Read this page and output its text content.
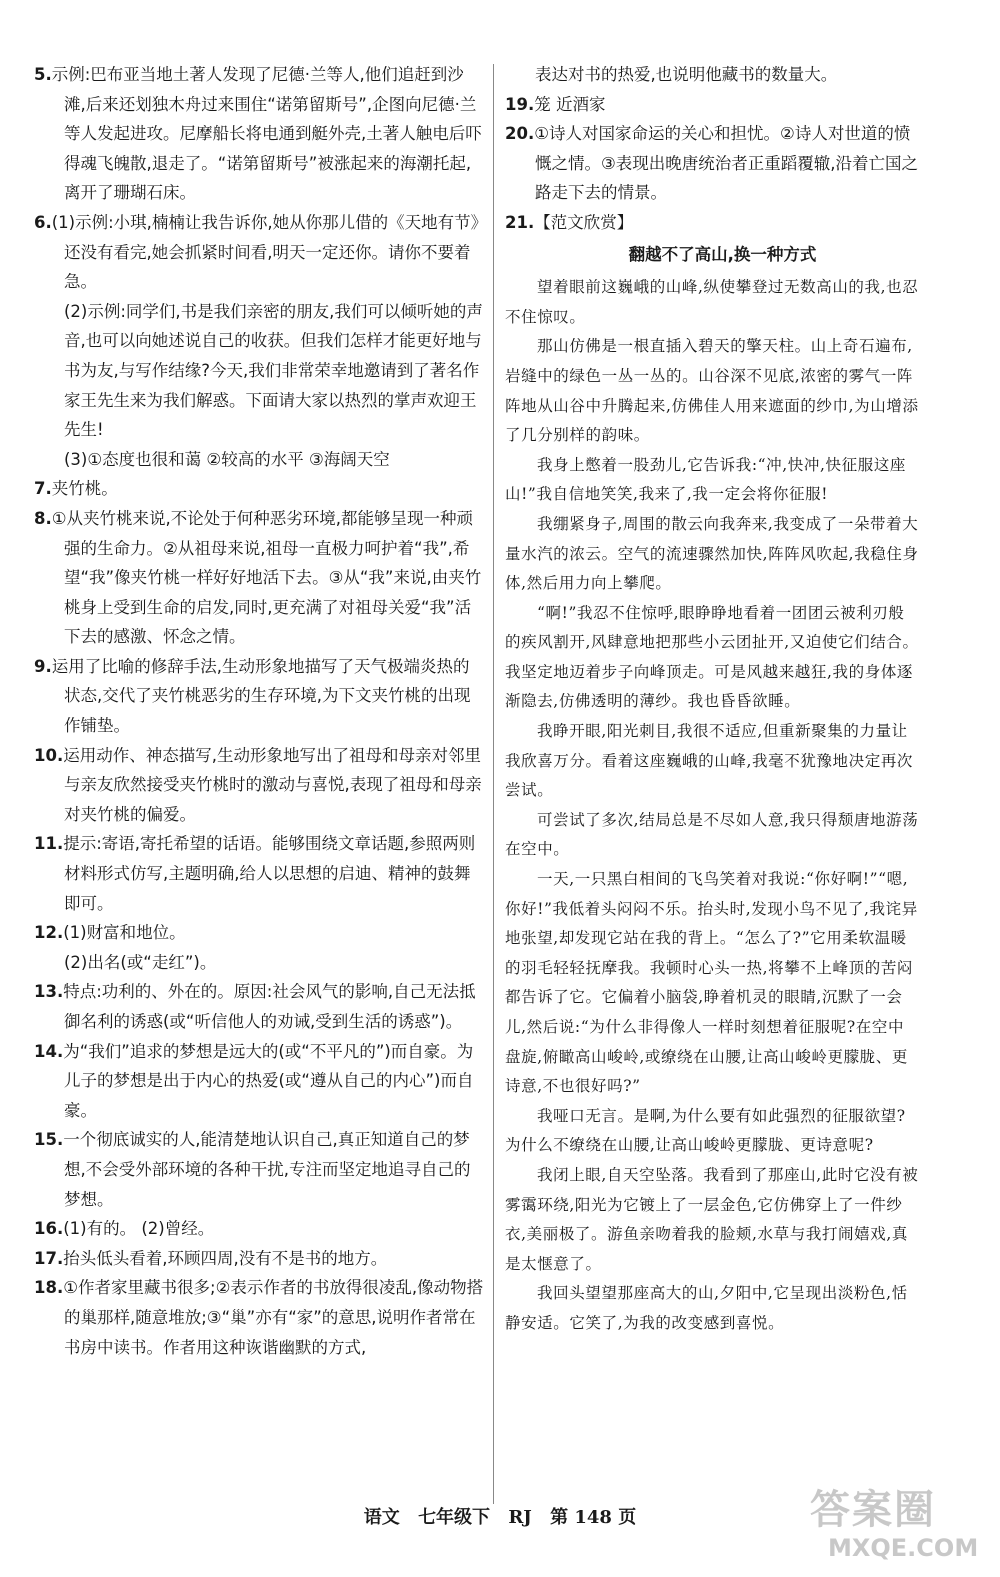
5.示例:巴布亚当地土著人发现了尼德·兰等人,他们追赶到沙滩,后来还划独木舟过来围住“诺第留斯号”,企图向尼德·兰等人发起进攻。尼摩船长将电通到艇外壳,土著人触电后吓得魂飞魄散,退走了。“诺第留斯号”被涨起来的海潮托起,离开了珊瑚石床。

6.(1)示例:小琪,楠楠让我告诉你,她从你那儿借的《天地有节》还没有看完,她会抓紧时间看,明天一定还你。请你不要着急。

(2)示例:同学们,书是我们亲密的朋友,我们可以倾听她的声音,也可以向她述说自己的收获。但我们怎样才能更好地与书为友,与写作结缘?今天,我们非常荣幸地邀请到了著名作家王先生来为我们解惑。下面请大家以热烈的掌声欢迎王先生!

(3)①态度也很和蔼 ②较高的水平 ③海阔天空

7.夹竹桃。

8.①从夹竹桃来说,不论处于何种恶劣环境,都能够呈现一种顽强的生命力。②从祖母来说,祖母一直极力呵护着“我”,希望“我”像夹竹桃一样好好地活下去。③从“我”来说,由夹竹桃身上受到生命的启发,同时,更充满了对祖母关爱“我”活下去的感激、怀念之情。

9.运用了比喻的修辞手法,生动形象地描写了天气极端炎热的状态,交代了夹竹桃恶劣的生存环境,为下文夹竹桃的出现作铺垫。

10.运用动作、神态描写,生动形象地写出了祖母和母亲对邻里与亲友欣然接受夹竹桃时的激动与喜悦,表现了祖母和母亲对夹竹桃的偏爱。

11.提示:寄语,寄托希望的话语。能够围绕文章话题,参照两则材料形式仿写,主题明确,给人以思想的启迪、精神的鼓舞即可。

12.(1)财富和地位。

(2)出名(或“走红”)。

13.特点:功利的、外在的。原因:社会风气的影响,自己无法抵御名利的诱惑(或“听信他人的劝诫,受到生活的诱惑”)。

14.为“我们”追求的梦想是远大的(或“不平凡的”)而自豪。为儿子的梦想是出于内心的热爱(或“遵从自己的内心”)而自豪。

15.一个彻底诚实的人,能清楚地认识自己,真正知道自己的梦想,不会受外部环境的各种干扰,专注而坚定地追寻自己的梦想。

16.(1)有的。 (2)曾经。

17.抬头低头看着,环顾四周,没有不是书的地方。

18.①作者家里藏书很多;②表示作者的书放得很凌乱,像动物搭的巢那样,随意堆放;③“巢”亦有“家”的意思,说明作者常在书房中读书。作者用这种诙谐幽默的方式,

表达对书的热爱,也说明他藏书的数量大。

19.笼 近酒家

20.①诗人对国家命运的关心和担忧。②诗人对世道的愤慨之情。③表现出晚唐统治者正重蹈覆辙,沿着亡国之路走下去的情景。

21.【范文欣赏】

翻越不了高山,换一种方式

望着眼前这巍峨的山峰,纵使攀登过无数高山的我,也忍不住惊叹。

那山仿佛是一根直插入碧天的擎天柱。山上奇石遍布,岩缝中的绿色一丛一丛的。山谷深不见底,浓密的雾气一阵阵地从山谷中升腾起来,仿佛佳人用来遮面的纱巾,为山增添了几分别样的韵味。

我身上憋着一股劲儿,它告诉我:“冲,快冲,快征服这座山!”我自信地笑笑,我来了,我一定会将你征服!

我绷紧身子,周围的散云向我奔来,我变成了一朵带着大量水汽的浓云。空气的流速骤然加快,阵阵风吹起,我稳住身体,然后用力向上攀爬。

“啊!”我忍不住惊呼,眼睁睁地看着一团团云被利刃般的疾风割开,风肆意地把那些小云团扯开,又迫使它们结合。我坚定地迈着步子向峰顶走。可是风越来越狂,我的身体逐渐隐去,仿佛透明的薄纱。我也昏昏欲睡。

我睁开眼,阳光刺目,我很不适应,但重新聚集的力量让我欣喜万分。看着这座巍峨的山峰,我毫不犹豫地决定再次尝试。

可尝试了多次,结局总是不尽如人意,我只得颓唐地游荡在空中。

一天,一只黑白相间的飞鸟笑着对我说:“你好啊!”“嗯,你好!”我低着头闷闷不乐。抬头时,发现小鸟不见了,我诧异地张望,却发现它站在我的背上。“怎么了?”它用柔软温暖的羽毛轻轻抚摩我。我顿时心头一热,将攀不上峰顶的苦闷都告诉了它。它偏着小脑袋,睁着机灵的眼睛,沉默了一会儿,然后说:“为什么非得像人一样时刻想着征服呢?在空中盘旋,俯瞰高山峻岭,或缭绕在山腰,让高山峻岭更朦胧、更诗意,不也很好吗?”

我哑口无言。是啊,为什么要有如此强烈的征服欲望?为什么不缭绕在山腰,让高山峻岭更朦胧、更诗意呢?

我闭上眼,自天空坠落。我看到了那座山,此时它没有被雾霭环绕,阳光为它镀上了一层金色,它仿佛穿上了一件纱衣,美丽极了。游鱼亲吻着我的脸颊,水草与我打闹嬉戏,真是太惬意了。

我回头望望那座高大的山,夕阳中,它呈现出淡粉色,恬静安适。它笑了,为我的改变感到喜悦。

语文 七年级下 RJ 第 148 页	答案圈
MXQE.COM
